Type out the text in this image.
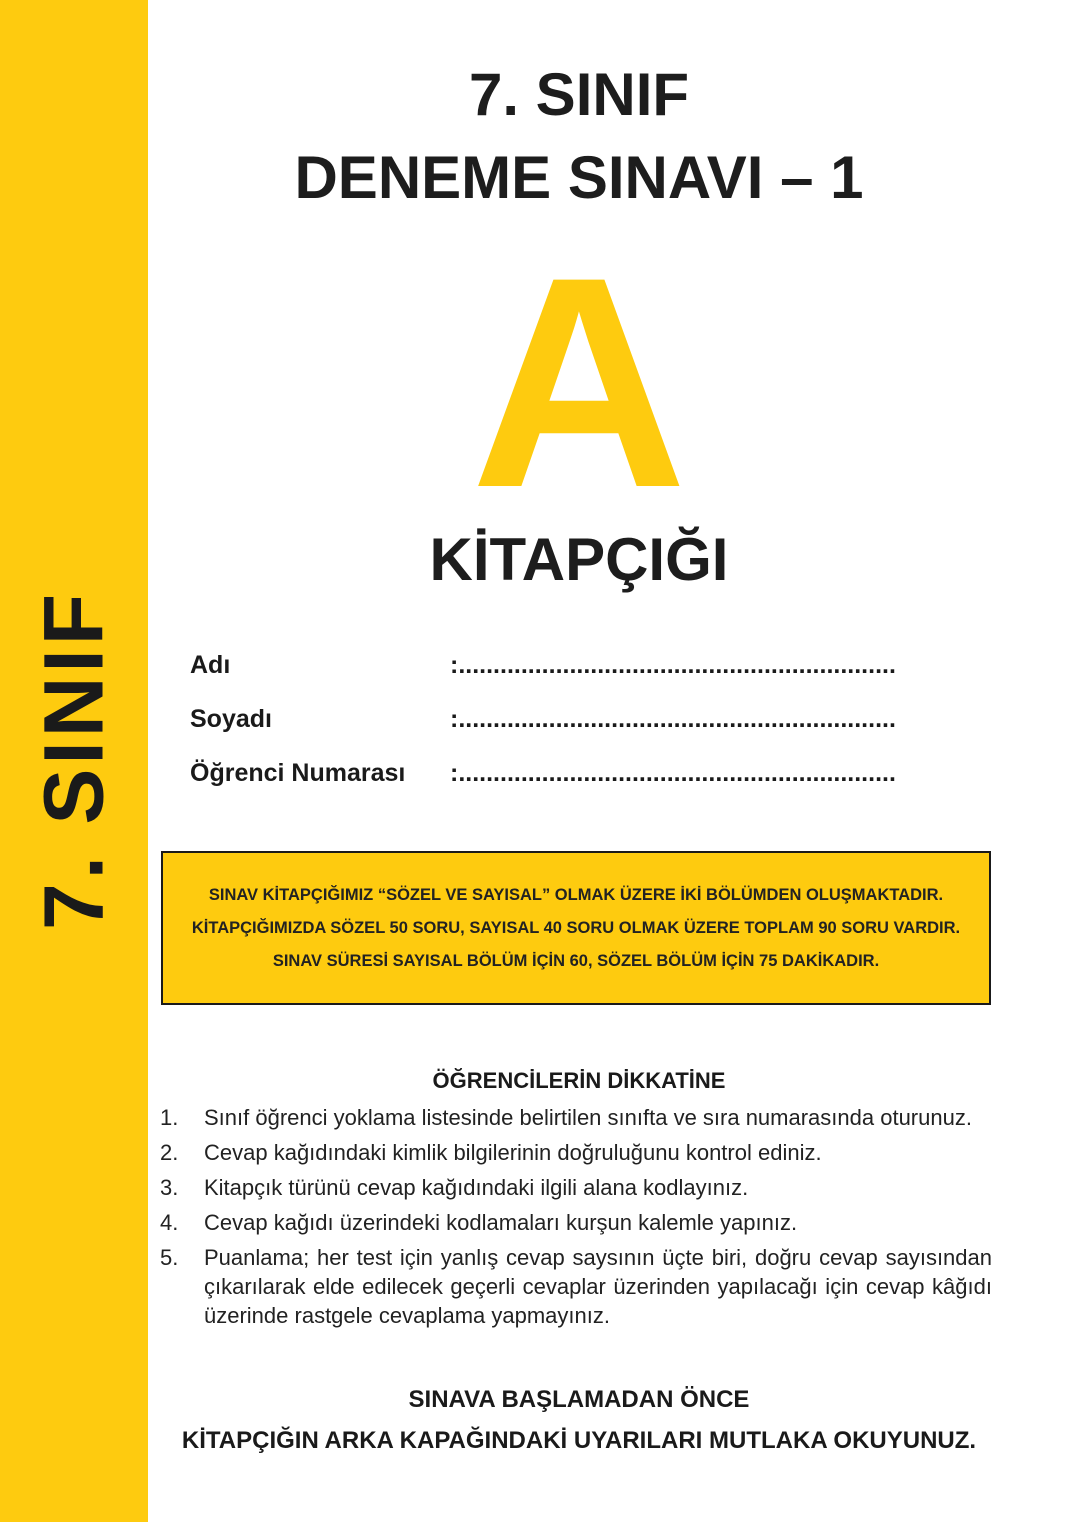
7. SINIF
7. SINIF
DENEME SINAVI – 1
A
KİTAPÇIĞI
Adı	:...............................................................
Soyadı	:...............................................................
Öğrenci Numarası :...............................................................
SINAV KİTAPÇIĞIMIZ “SÖZEL VE SAYISAL” OLMAK ÜZERE İKİ BÖLÜMDEN OLUŞMAKTADIR.
KİTAPÇIĞIMIZDA SÖZEL 50 SORU, SAYISAL 40 SORU OLMAK ÜZERE TOPLAM 90 SORU VARDIR.
SINAV SÜRESİ SAYISAL BÖLÜM İÇİN 60, SÖZEL BÖLÜM İÇİN 75 DAKİKADIR.
ÖĞRENCİLERİN DİKKATİNE
1.	Sınıf öğrenci yoklama listesinde belirtilen sınıfta ve sıra numarasında oturunuz.
2.	Cevap kağıdındaki kimlik bilgilerinin doğruluğunu kontrol ediniz.
3.	Kitapçık türünü cevap kağıdındaki ilgili alana kodlayınız.
4.	Cevap kağıdı üzerindeki kodlamaları kurşun kalemle yapınız.
5.	Puanlama; her test için yanlış cevap saysının üçte biri, doğru cevap sayısından çıkarılarak elde edilecek geçerli cevaplar üzerinden yapılacağı için cevap kâğıdı üzerinde rastgele cevaplama yapmayınız.
SINAVA BAŞLAMADAN ÖNCE
KİTAPÇIĞIN ARKA KAPAĞINDAKİ UYARILARI MUTLAKA OKUYUNUZ.
